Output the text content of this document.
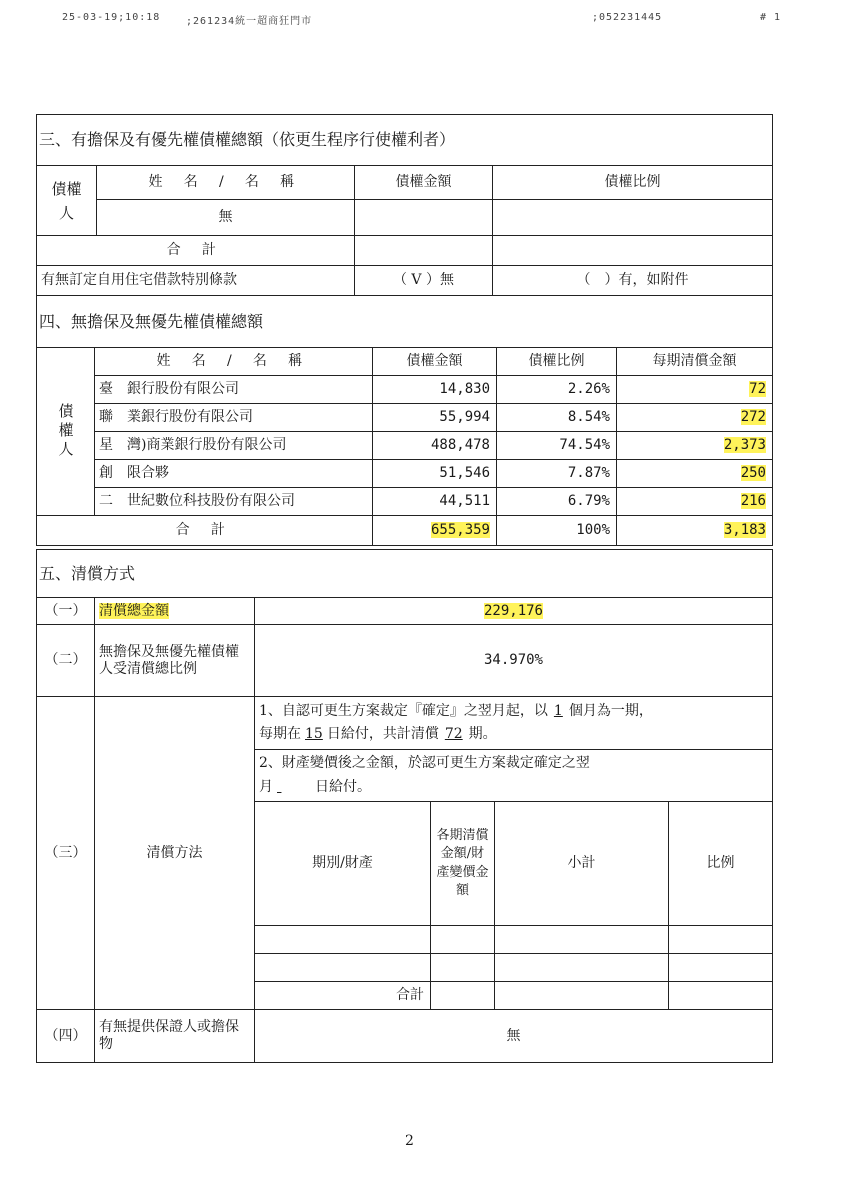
25-03-19;10:18	;261234統一超商狂門市	;052231445	# 1
三、有擔保及有優先權債權總額（依更生程序行使權利者）			

債權人	姓 名 / 名 稱	債權金額	債權比例
	無		
合 計			
有無訂定自用住宅借款特別條款		（ V ）無	（　）有，如附件
四、無擔保及無優先權債權總額				

債權人	姓 名 / 名 稱	債權金額	債權比例	每期清償金額
	臺　銀行股份有限公司	14,830	2.26%	72
	聯　業銀行股份有限公司	55,994	8.54%	272
	星　灣)商業銀行股份有限公司	488,478	74.54%	2,373
	創　限合夥	51,546	7.87%	250
	二　世紀數位科技股份有限公司	44,511	6.79%	216
合 計		655,359	100%	3,183
五、清償方式					
（一）	清償總金額	229,176			
（二）	無擔保及無優先權債權人受清償總比例	34.970%			
（三）	清償方法	1、自認可更生方案裁定『確定』之翌月起，以 1 個月為一期，
每期在 15 日給付，共計清償 72 期。			
		2、財產變價後之金額，於認可更生方案裁定確定之翌
月 日給付。			
		期別/財產	各期清償金額/財產變價金額	小計	比例

		合計			
（四）	有無提供保證人或擔保物	無			
2
